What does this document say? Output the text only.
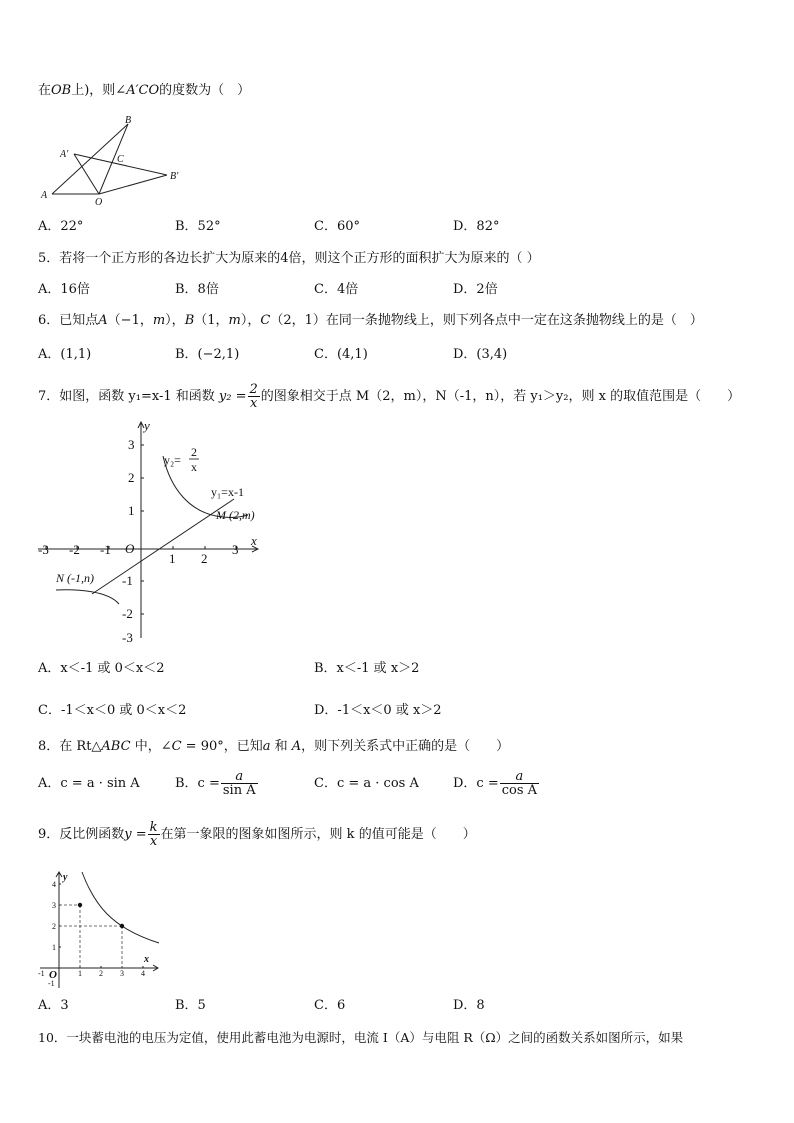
在OB上)，则∠A′CO的度数为（　）
A
B
C
O
A′
B′
A．22°	B．52°	C．60°	D．82°
5．若将一个正方形的各边长扩大为原来的4倍，则这个正方形的面积扩大为原来的（ ）
A．16倍	B．8倍	C．4倍	D．2倍
6．已知点A（−1，m），B（1，m），C（2，1）在同一条抛物线上，则下列各点中一定在这条抛物线上的是（　）
A．(1,1)	B．(−2,1)	C．(4,1)	D．(3,4)
7．如图，函数 y₁=x-1 和函数 $y_2 = \frac{2}{x}$ 的图象相交于点 M（2，m），N（-1，n），若 y₁＞y₂，则 x 的取值范围是（　　）
y
x
O
-3 -2 -1
1 2
3
3
2
1
-1
-2
-3
y₂=
2
x
y₁=x-1
M (2,m)
N (-1,n)
A．x＜-1 或 0＜x＜2	B．x＜-1 或 x＞2
C．-1＜x＜0 或 0＜x＜2	D．-1＜x＜0 或 x＞2
8．在 Rt△ABC 中，∠C = 90°，已知a 和 A，则下列关系式中正确的是（　　）
A．c = a · sin A	B．$c = \frac{a}{\text{sin A}}$	C．c = a · cos A	D．$c = \frac{a}{\text{cos A}}$
9．反比例函数$y = \frac{k}{x}$ 在第一象限的图象如图所示，则 k 的值可能是（　　）
y
x
O
-1	1 2 3 4
4
3
2
1
-1
A．3	B．5	C．6	D．8
10．一块蓄电池的电压为定值，使用此蓄电池为电源时，电流 I（A）与电阻 R（Ω）之间的函数关系如图所示，如果
